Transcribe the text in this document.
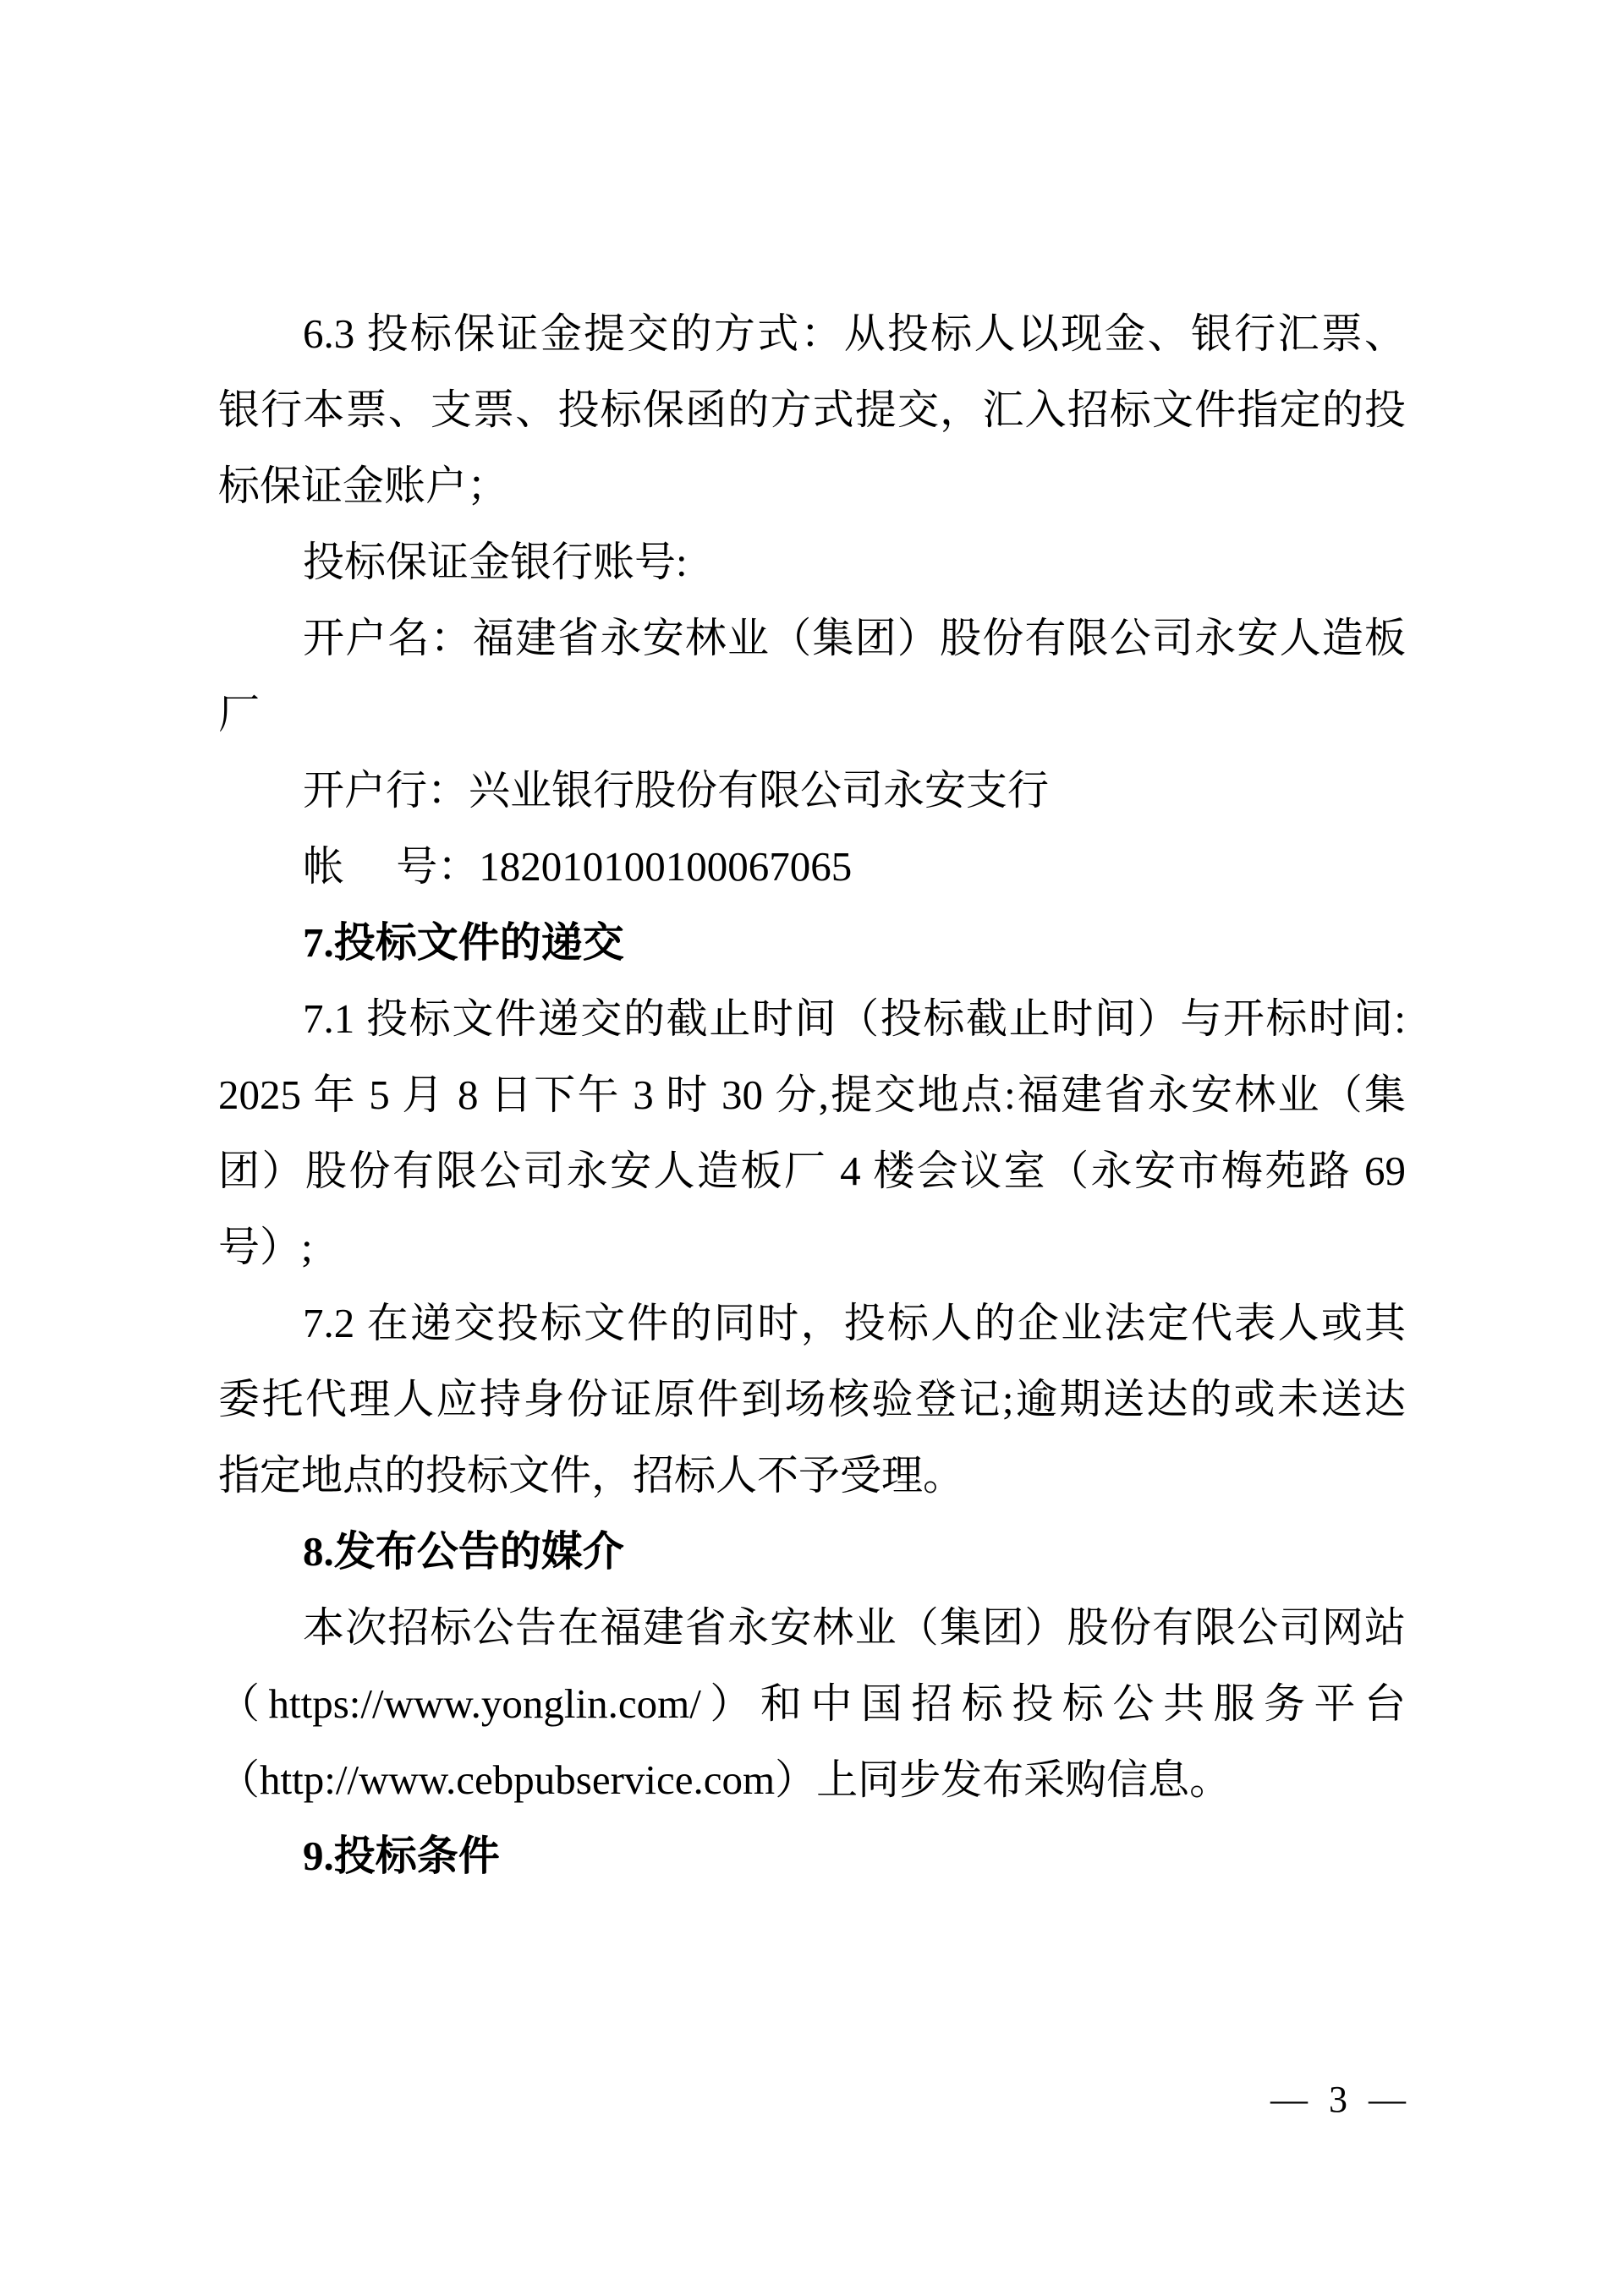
6.3 投标保证金提交的方式：从投标人以现金、银行汇票、
银行本票、支票、投标保函的方式提交，汇入招标文件指定的投
标保证金账户；
投标保证金银行账号:
开户名：福建省永安林业（集团）股份有限公司永安人造板
厂
开户行：兴业银行股份有限公司永安支行
帐　 号：182010100100067065
7.投标文件的递交
7.1 投标文件递交的截止时间（投标截止时间）与开标时间:
2025 年 5 月 8 日下午 3 时 30 分,提交地点:福建省永安林业（集
团）股份有限公司永安人造板厂 4 楼会议室（永安市梅苑路 69
号）;
7.2 在递交投标文件的同时，投标人的企业法定代表人或其
委托代理人应持身份证原件到场核验登记;逾期送达的或未送达
指定地点的投标文件，招标人不予受理。
8.发布公告的媒介
本次招标公告在福建省永安林业（集团）股份有限公司网站
（https://www.yonglin.com/）和中国招标投标公共服务平台
（http://www.cebpubservice.com）上同步发布采购信息。
9.投标条件
— 3 —
